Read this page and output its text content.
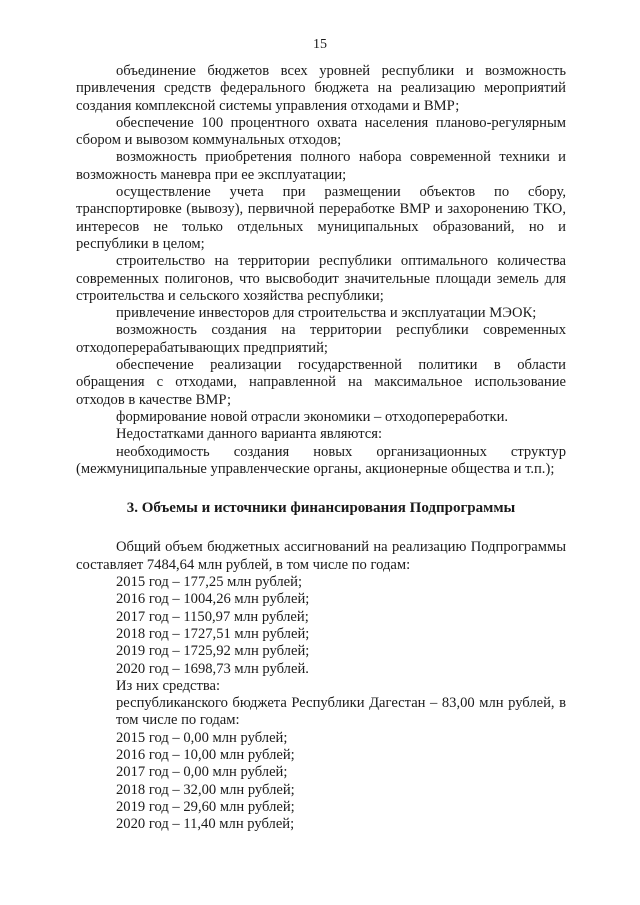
15

объединение бюджетов всех уровней республики и возможность привлечения средств федерального бюджета на реализацию мероприятий создания комплексной системы управления отходами и ВМР;

обеспечение 100 процентного охвата населения планово-регулярным сбором и вывозом коммунальных отходов;

возможность приобретения полного набора современной техники и возможность маневра при ее эксплуатации;

осуществление учета при размещении объектов по сбору, транспортировке (вывозу), первичной переработке ВМР и захоронению ТКО, интересов не только отдельных муниципальных образований, но и республики в целом;

строительство на территории республики оптимального количества современных полигонов, что высвободит значительные площади земель для строительства и сельского хозяйства республики;

привлечение инвесторов для строительства и эксплуатации МЭОК;

возможность создания на территории республики современных отходоперерабатывающих предприятий;

обеспечение реализации государственной политики в области обращения с отходами, направленной на максимальное использование отходов в качестве ВМР;

формирование новой отрасли экономики – отходопереработки.

Недостатками данного варианта являются:

необходимость создания новых организационных структур (межмуниципальные управленческие органы, акционерные общества и т.п.);

3. Объемы и источники финансирования Подпрограммы

Общий объем бюджетных ассигнований на реализацию Подпрограммы составляет 7484,64 млн рублей, в том числе по годам:

2015 год – 177,25 млн рублей;

2016 год – 1004,26 млн рублей;

2017 год – 1150,97 млн рублей;

2018 год – 1727,51 млн рублей;

2019 год – 1725,92 млн рублей;

2020 год – 1698,73 млн рублей.

Из них средства:

республиканского бюджета Республики Дагестан – 83,00 млн рублей, в том числе по годам:

2015 год – 0,00 млн рублей;

2016 год – 10,00 млн рублей;

2017 год – 0,00 млн рублей;

2018 год – 32,00 млн рублей;

2019 год – 29,60 млн рублей;

2020 год – 11,40 млн рублей;
